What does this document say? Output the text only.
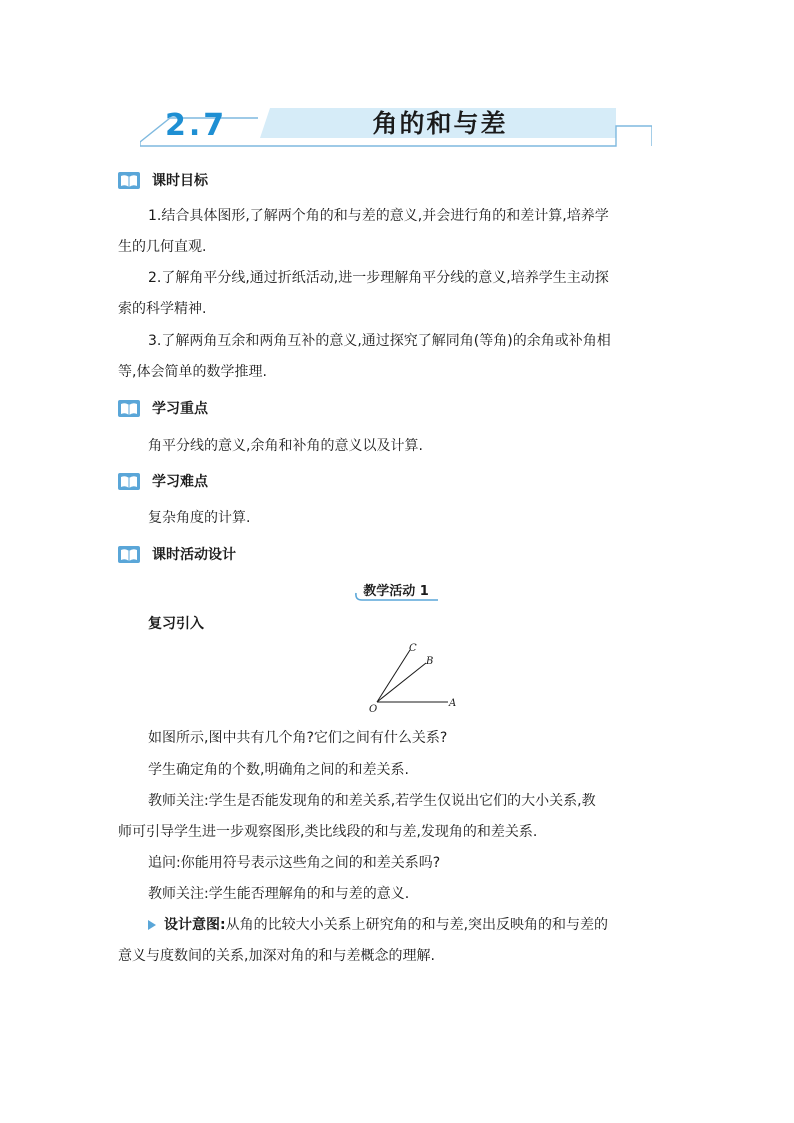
2.7	角的和与差
课时目标
1.结合具体图形,了解两个角的和与差的意义,并会进行角的和差计算,培养学
生的几何直观.
2.了解角平分线,通过折纸活动,进一步理解角平分线的意义,培养学生主动探
索的科学精神.
3.了解两角互余和两角互补的意义,通过探究了解同角(等角)的余角或补角相
等,体会简单的数学推理.
学习重点
角平分线的意义,余角和补角的意义以及计算.
学习难点
复杂角度的计算.
课时活动设计
教学活动 1
复习引入
C
B
O
A
如图所示,图中共有几个角?它们之间有什么关系?
学生确定角的个数,明确角之间的和差关系.
教师关注:学生是否能发现角的和差关系,若学生仅说出它们的大小关系,教
师可引导学生进一步观察图形,类比线段的和与差,发现角的和差关系.
追问:你能用符号表示这些角之间的和差关系吗?
教师关注:学生能否理解角的和与差的意义.
设计意图:从角的比较大小关系上研究角的和与差,突出反映角的和与差的
意义与度数间的关系,加深对角的和与差概念的理解.
